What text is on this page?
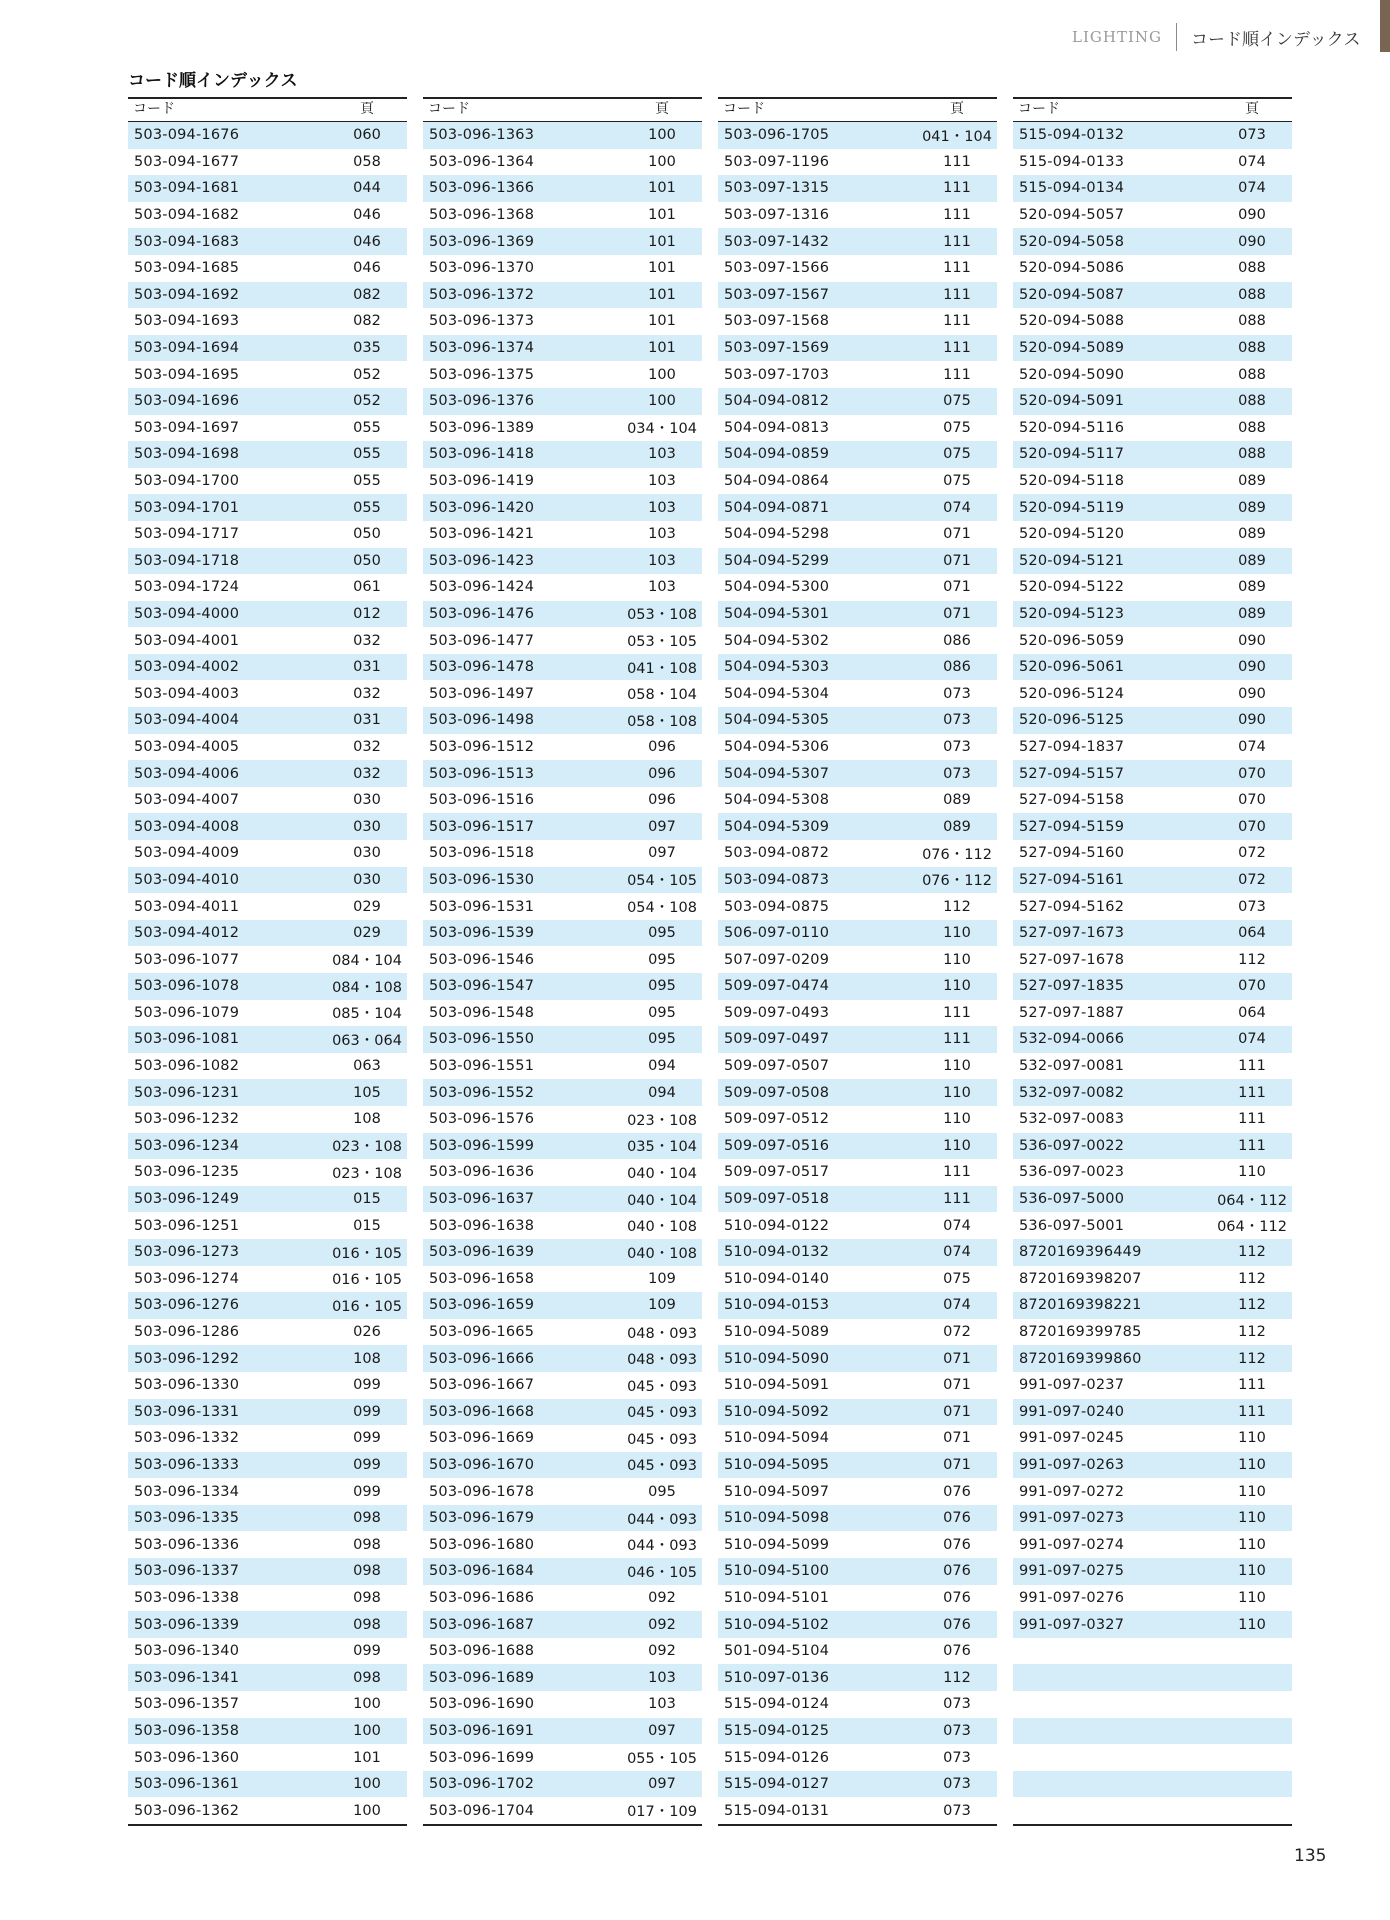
LIGHTING	コード順インデックス
コード順インデックス
コード	頁
503-094-1676	060
503-094-1677	058
503-094-1681	044
503-094-1682	046
503-094-1683	046
503-094-1685	046
503-094-1692	082
503-094-1693	082
503-094-1694	035
503-094-1695	052
503-094-1696	052
503-094-1697	055
503-094-1698	055
503-094-1700	055
503-094-1701	055
503-094-1717	050
503-094-1718	050
503-094-1724	061
503-094-4000	012
503-094-4001	032
503-094-4002	031
503-094-4003	032
503-094-4004	031
503-094-4005	032
503-094-4006	032
503-094-4007	030
503-094-4008	030
503-094-4009	030
503-094-4010	030
503-094-4011	029
503-094-4012	029
503-096-1077	084・104
503-096-1078	084・108
503-096-1079	085・104
503-096-1081	063・064
503-096-1082	063
503-096-1231	105
503-096-1232	108
503-096-1234	023・108
503-096-1235	023・108
503-096-1249	015
503-096-1251	015
503-096-1273	016・105
503-096-1274	016・105
503-096-1276	016・105
503-096-1286	026
503-096-1292	108
503-096-1330	099
503-096-1331	099
503-096-1332	099
503-096-1333	099
503-096-1334	099
503-096-1335	098
503-096-1336	098
503-096-1337	098
503-096-1338	098
503-096-1339	098
503-096-1340	099
503-096-1341	098
503-096-1357	100
503-096-1358	100
503-096-1360	101
503-096-1361	100
503-096-1362	100
コード	頁
503-096-1363	100
503-096-1364	100
503-096-1366	101
503-096-1368	101
503-096-1369	101
503-096-1370	101
503-096-1372	101
503-096-1373	101
503-096-1374	101
503-096-1375	100
503-096-1376	100
503-096-1389	034・104
503-096-1418	103
503-096-1419	103
503-096-1420	103
503-096-1421	103
503-096-1423	103
503-096-1424	103
503-096-1476	053・108
503-096-1477	053・105
503-096-1478	041・108
503-096-1497	058・104
503-096-1498	058・108
503-096-1512	096
503-096-1513	096
503-096-1516	096
503-096-1517	097
503-096-1518	097
503-096-1530	054・105
503-096-1531	054・108
503-096-1539	095
503-096-1546	095
503-096-1547	095
503-096-1548	095
503-096-1550	095
503-096-1551	094
503-096-1552	094
503-096-1576	023・108
503-096-1599	035・104
503-096-1636	040・104
503-096-1637	040・104
503-096-1638	040・108
503-096-1639	040・108
503-096-1658	109
503-096-1659	109
503-096-1665	048・093
503-096-1666	048・093
503-096-1667	045・093
503-096-1668	045・093
503-096-1669	045・093
503-096-1670	045・093
503-096-1678	095
503-096-1679	044・093
503-096-1680	044・093
503-096-1684	046・105
503-096-1686	092
503-096-1687	092
503-096-1688	092
503-096-1689	103
503-096-1690	103
503-096-1691	097
503-096-1699	055・105
503-096-1702	097
503-096-1704	017・109
コード	頁
503-096-1705	041・104
503-097-1196	111
503-097-1315	111
503-097-1316	111
503-097-1432	111
503-097-1566	111
503-097-1567	111
503-097-1568	111
503-097-1569	111
503-097-1703	111
504-094-0812	075
504-094-0813	075
504-094-0859	075
504-094-0864	075
504-094-0871	074
504-094-5298	071
504-094-5299	071
504-094-5300	071
504-094-5301	071
504-094-5302	086
504-094-5303	086
504-094-5304	073
504-094-5305	073
504-094-5306	073
504-094-5307	073
504-094-5308	089
504-094-5309	089
503-094-0872	076・112
503-094-0873	076・112
503-094-0875	112
506-097-0110	110
507-097-0209	110
509-097-0474	110
509-097-0493	111
509-097-0497	111
509-097-0507	110
509-097-0508	110
509-097-0512	110
509-097-0516	110
509-097-0517	111
509-097-0518	111
510-094-0122	074
510-094-0132	074
510-094-0140	075
510-094-0153	074
510-094-5089	072
510-094-5090	071
510-094-5091	071
510-094-5092	071
510-094-5094	071
510-094-5095	071
510-094-5097	076
510-094-5098	076
510-094-5099	076
510-094-5100	076
510-094-5101	076
510-094-5102	076
501-094-5104	076
510-097-0136	112
515-094-0124	073
515-094-0125	073
515-094-0126	073
515-094-0127	073
515-094-0131	073
コード	頁
515-094-0132	073
515-094-0133	074
515-094-0134	074
520-094-5057	090
520-094-5058	090
520-094-5086	088
520-094-5087	088
520-094-5088	088
520-094-5089	088
520-094-5090	088
520-094-5091	088
520-094-5116	088
520-094-5117	088
520-094-5118	089
520-094-5119	089
520-094-5120	089
520-094-5121	089
520-094-5122	089
520-094-5123	089
520-096-5059	090
520-096-5061	090
520-096-5124	090
520-096-5125	090
527-094-1837	074
527-094-5157	070
527-094-5158	070
527-094-5159	070
527-094-5160	072
527-094-5161	072
527-094-5162	073
527-097-1673	064
527-097-1678	112
527-097-1835	070
527-097-1887	064
532-094-0066	074
532-097-0081	111
532-097-0082	111
532-097-0083	111
536-097-0022	111
536-097-0023	110
536-097-5000	064・112
536-097-5001	064・112
8720169396449	112
8720169398207	112
8720169398221	112
8720169399785	112
8720169399860	112
991-097-0237	111
991-097-0240	111
991-097-0245	110
991-097-0263	110
991-097-0272	110
991-097-0273	110
991-097-0274	110
991-097-0275	110
991-097-0276	110
991-097-0327	110
135
